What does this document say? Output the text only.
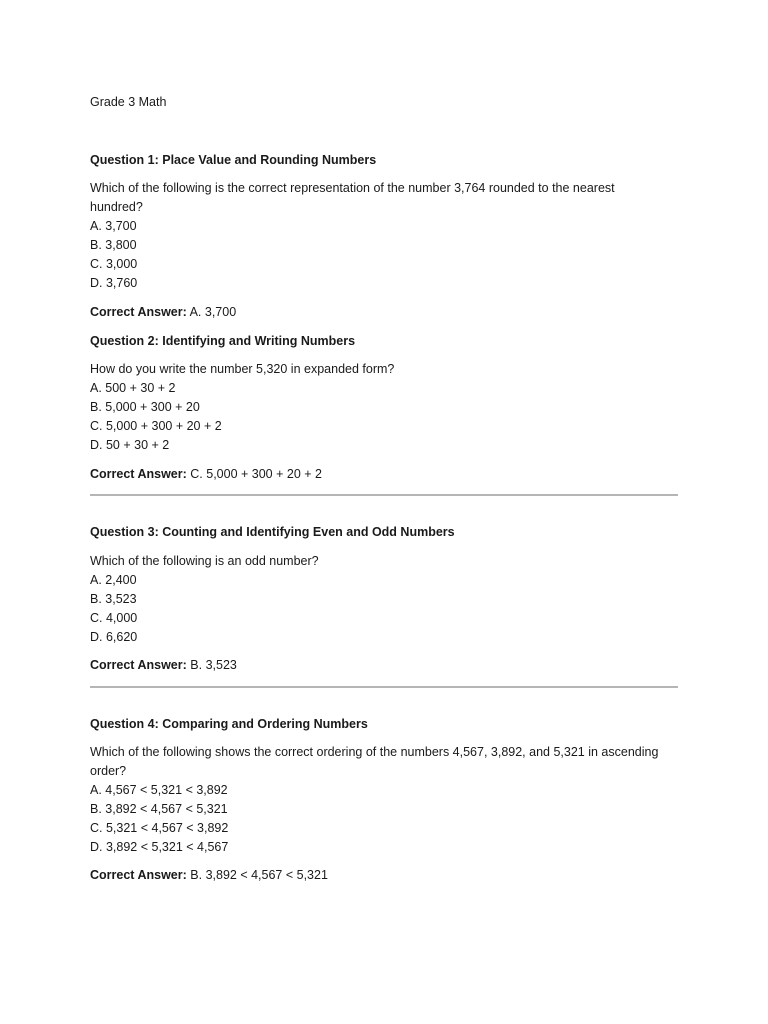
Grade 3 Math

Question 1: Place Value and Rounding Numbers

Which of the following is the correct representation of the number 3,764 rounded to the nearest hundred?

A. 3,700

B. 3,800

C. 3,000

D. 3,760

Correct Answer: A. 3,700

Question 2: Identifying and Writing Numbers

How do you write the number 5,320 in expanded form?

A. 500 + 30 + 2

B. 5,000 + 300 + 20

C. 5,000 + 300 + 20 + 2

D. 50 + 30 + 2

Correct Answer: C. 5,000 + 300 + 20 + 2

Question 3: Counting and Identifying Even and Odd Numbers

Which of the following is an odd number?

A. 2,400

B. 3,523

C. 4,000

D. 6,620

Correct Answer: B. 3,523

Question 4: Comparing and Ordering Numbers

Which of the following shows the correct ordering of the numbers 4,567, 3,892, and 5,321 in ascending order?

A. 4,567 < 5,321 < 3,892

B. 3,892 < 4,567 < 5,321

C. 5,321 < 4,567 < 3,892

D. 3,892 < 5,321 < 4,567

Correct Answer: B. 3,892 < 4,567 < 5,321
